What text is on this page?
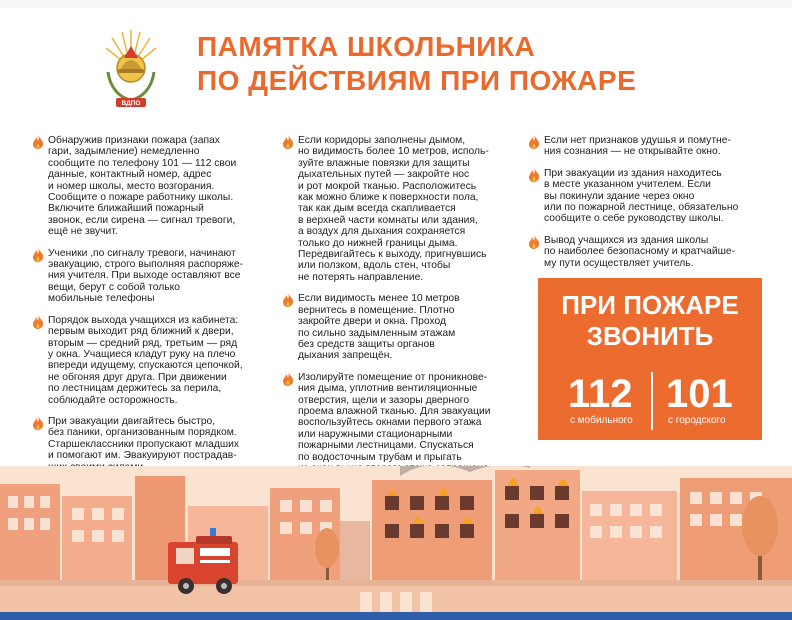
ВДПО
ПАМЯТКА ШКОЛЬНИКА
ПО ДЕЙСТВИЯМ ПРИ ПОЖАРЕ
Обнаружив признаки пожара (запах
гари, задымление) немедленно
сообщите по телефону 101 — 112 свои
данные, контактный номер, адрес
и номер школы, место возгорания.
Сообщите о пожаре работнику школы.
Включите ближайший пожарный
звонок, если сирена — сигнал тревоги,
ещё не звучит.
Ученики ,по сигналу тревоги, начинают
эвакуацию, строго выполняя распоряже-
ния учителя. При выходе оставляют все
вещи, берут с собой только
мобильные телефоны
Порядок выхода учащихся из кабинета:
первым выходит ряд ближний к двери,
вторым — средний ряд, третьим — ряд
у окна. Учащиеся кладут руку на плечо
впереди идущему, спускаются цепочкой,
не обгоняя друг друга. При движении
по лестницам держитесь за перила,
соблюдайте осторожность.
При эвакуации двигайтесь быстро,
без паники, организованным порядком.
Старшеклассники пропускают младших
и помогают им. Эвакуируют пострадав-

Если коридоры заполнены дымом,
но видимость более 10 метров, исполь-
зуйте влажные повязки для защиты
дыхательных путей — закройте нос
и рот мокрой тканью. Расположитесь
как можно ближе к поверхности пола,
так как дым всегда скапливается
в верхней части комнаты или здания,
а воздух для дыхания сохраняется
только до нижней границы дыма.
Передвигайтесь к выходу, пригнувшись
или ползком, вдоль стен, чтобы
не потерять направление.
Если видимость менее 10 метров
вернитесь в помещение. Плотно
закройте двери и окна. Проход
по сильно задымленным этажам
без средств защиты органов
дыхания запрещён.
Изолируйте помещение от проникнове-
ния дыма, уплотнив вентиляционные
отверстия, щели и зазоры дверного
проема влажной тканью. Для эвакуации
воспользуйтесь окнами первого этажа
или наружными стационарными
пожарными лестницами. Спускаться
по водосточным трубам и прыгать

Если нет признаков удушья и помутне-
ния сознания — не открывайте окно.
При эвакуации из здания находитесь
в месте указанном учителем. Если
вы покинули здание через окно
или по пожарной лестнице, обязательно
сообщите о себе руководству школы.
Вывод учащихся из здания школы
по наиболее безопасному и кратчайше-
му пути осуществляет учитель.
ПРИ ПОЖАРЕ
ЗВОНИТЬ
112 101
с мобильного	с городского
